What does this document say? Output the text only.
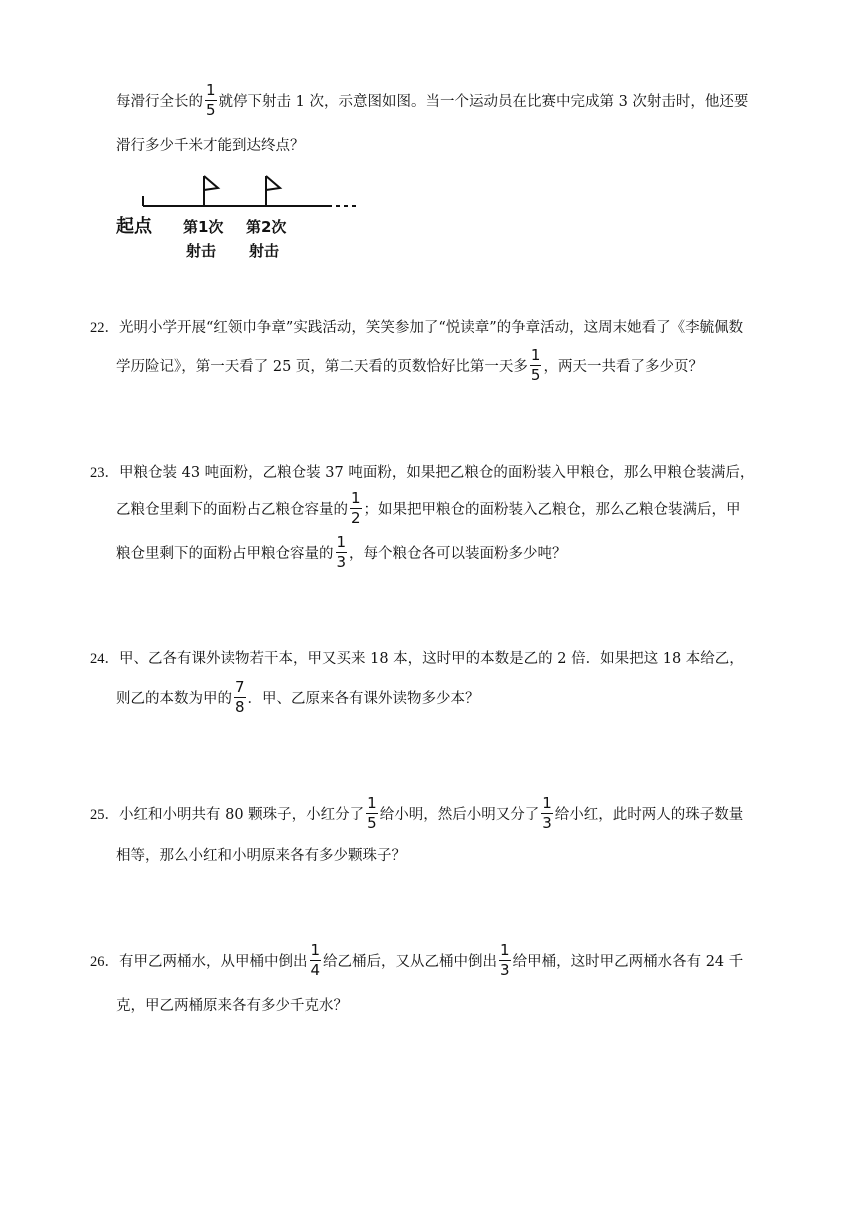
每滑行全长的 $\frac{1}{5}$ 就停下射击 1 次，示意图如图。当一个运动员在比赛中完成第 3 次射击时，他还要
滑行多少千米才能到达终点？
起点 第1次
射击
第2次
射击
22． 光明小学开展“红领巾争章”实践活动，笑笑参加了“悦读章”的争章活动，这周末她看了《李毓佩数
学历险记》，第一天看了 25 页，第二天看的页数恰好比第一天多 $\frac{1}{5}$ ，两天一共看了多少页？
23． 甲粮仓装 43 吨面粉，乙粮仓装 37 吨面粉，如果把乙粮仓的面粉装入甲粮仓，那么甲粮仓装满后，
乙粮仓里剩下的面粉占乙粮仓容量的 $\frac{1}{2}$ ；如果把甲粮仓的面粉装入乙粮仓，那么乙粮仓装满后，甲
粮仓里剩下的面粉占甲粮仓容量的 $\frac{1}{3}$ ，每个粮仓各可以装面粉多少吨？
24． 甲、乙各有课外读物若干本，甲又买来 18 本，这时甲的本数是乙的 2 倍．如果把这 18 本给乙，
则乙的本数为甲的 $\frac{7}{8}$ ．甲、乙原来各有课外读物多少本？
25． 小红和小明共有 80 颗珠子，小红分了 $\frac{1}{5}$ 给小明，然后小明又分了 $\frac{1}{3}$ 给小红，此时两人的珠子数量
相等，那么小红和小明原来各有多少颗珠子？
26． 有甲乙两桶水，从甲桶中倒出 $\frac{1}{4}$ 给乙桶后，又从乙桶中倒出 $\frac{1}{3}$ 给甲桶，这时甲乙两桶水各有 24 千
克，甲乙两桶原来各有多少千克水？
